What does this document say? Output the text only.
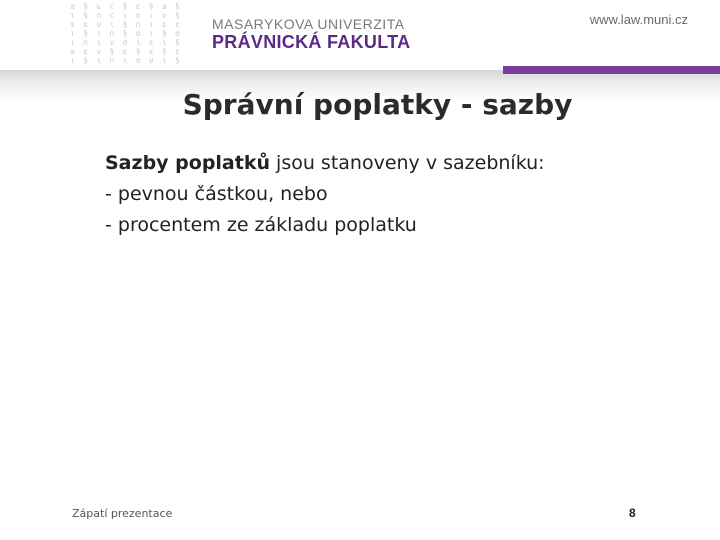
a § ь ⊂ § ε § a §
ι § ∩ ⊂ ι ε ι ν §
s ε ν ι § ∩ ι ε ε
ι § ι ∩ § σ ι § σ
ι ∩ ι ν σ ι ε ι §
a ε ν § ε § ε § ε
ι § ι ∩ ι σ ν ι §
MASARYKOVA UNIVERZITA
PRÁVNICKÁ FAKULTA
www.law.muni.cz
Správní poplatky - sazby
Sazby poplatků jsou stanoveny v sazebníku:
- pevnou částkou, nebo
- procentem ze základu poplatku
Zápatí prezentace	8
